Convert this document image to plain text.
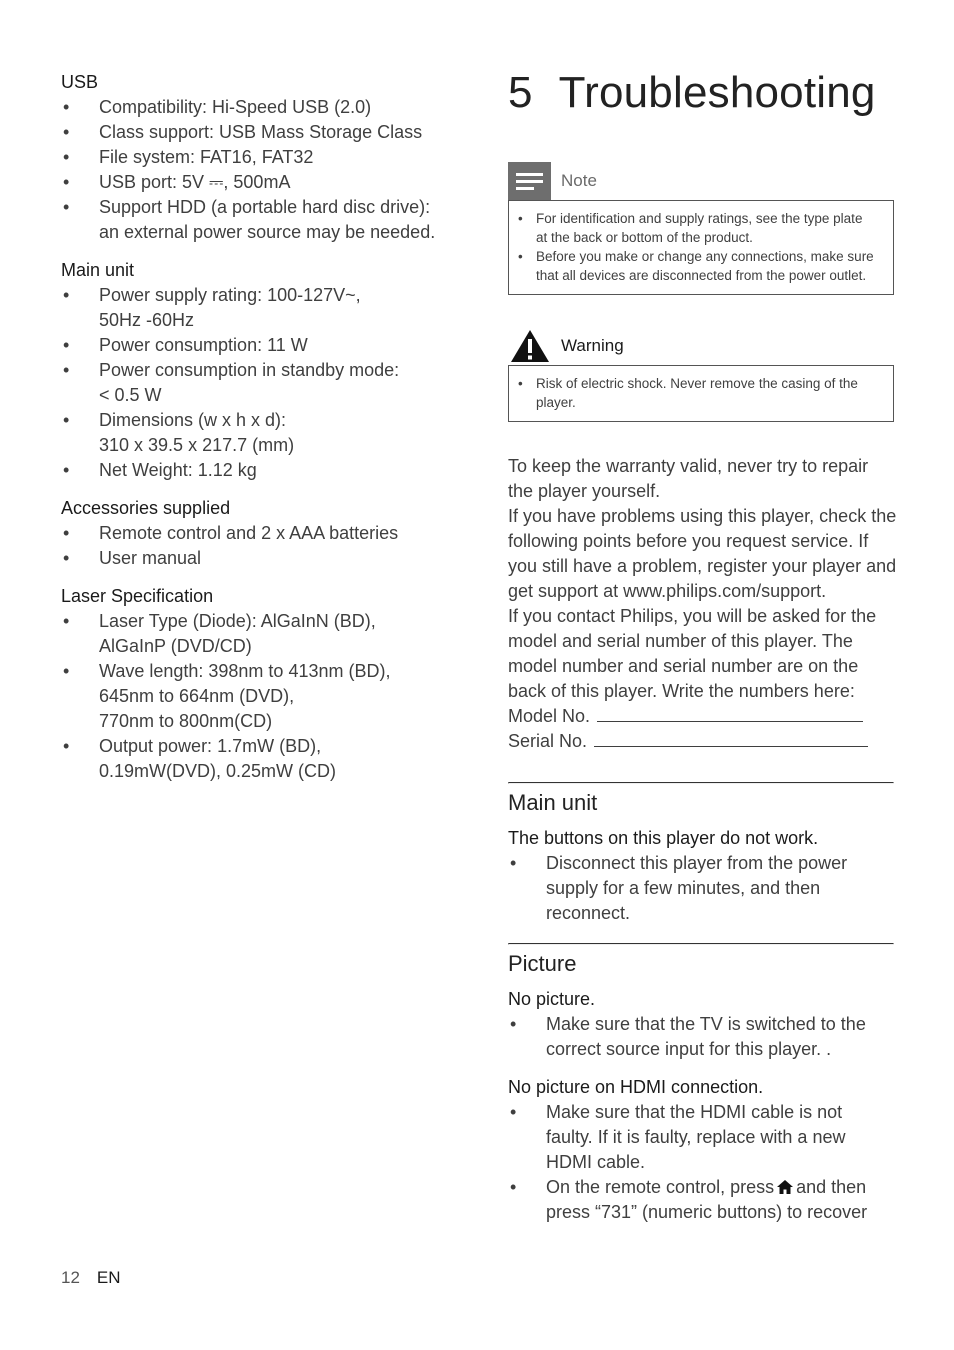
USB
• Compatibility: Hi-Speed USB (2.0)
• Class support: USB Mass Storage Class
• File system: FAT16, FAT32
• USB port: 5V ⎓, 500mA
• Support HDD (a portable hard disc drive):
an external power source may be needed.
Main unit
• Power supply rating: 100-127V~,
50Hz -60Hz
• Power consumption: 11 W
• Power consumption in standby mode:
< 0.5 W
• Dimensions (w x h x d):
310 x 39.5 x 217.7 (mm)
• Net Weight: 1.12 kg
Accessories supplied
• Remote control and 2 x AAA batteries
• User manual
Laser Specification
• Laser Type (Diode): AlGaInN (BD),
AlGaInP (DVD/CD)
• Wave length: 398nm to 413nm (BD),
645nm to 664nm (DVD),
770nm to 800nm(CD)
• Output power: 1.7mW (BD),
0.19mW(DVD), 0.25mW (CD)
5 Troubleshooting
Note
• For identification and supply ratings, see the type plate
at the back or bottom of the product.
• Before you make or change any connections, make sure
that all devices are disconnected from the power outlet.
Warning
• Risk of electric shock. Never remove the casing of the
player.
To keep the warranty valid, never try to repair
the player yourself.
If you have problems using this player, check the
following points before you request service. If
you still have a problem, register your player and
get support at www.philips.com/support.
If you contact Philips, you will be asked for the
model and serial number of this player. The
model number and serial number are on the
back of this player. Write the numbers here:
Model No.
Serial No.
Main unit
The buttons on this player do not work.
• Disconnect this player from the power
supply for a few minutes, and then
reconnect.
Picture
No picture.
• Make sure that the TV is switched to the
correct source input for this player. .
No picture on HDMI connection.
• Make sure that the HDMI cable is not
faulty. If it is faulty, replace with a new
HDMI cable.
• On the remote control, press and then
press “731” (numeric buttons) to recover
12 EN
